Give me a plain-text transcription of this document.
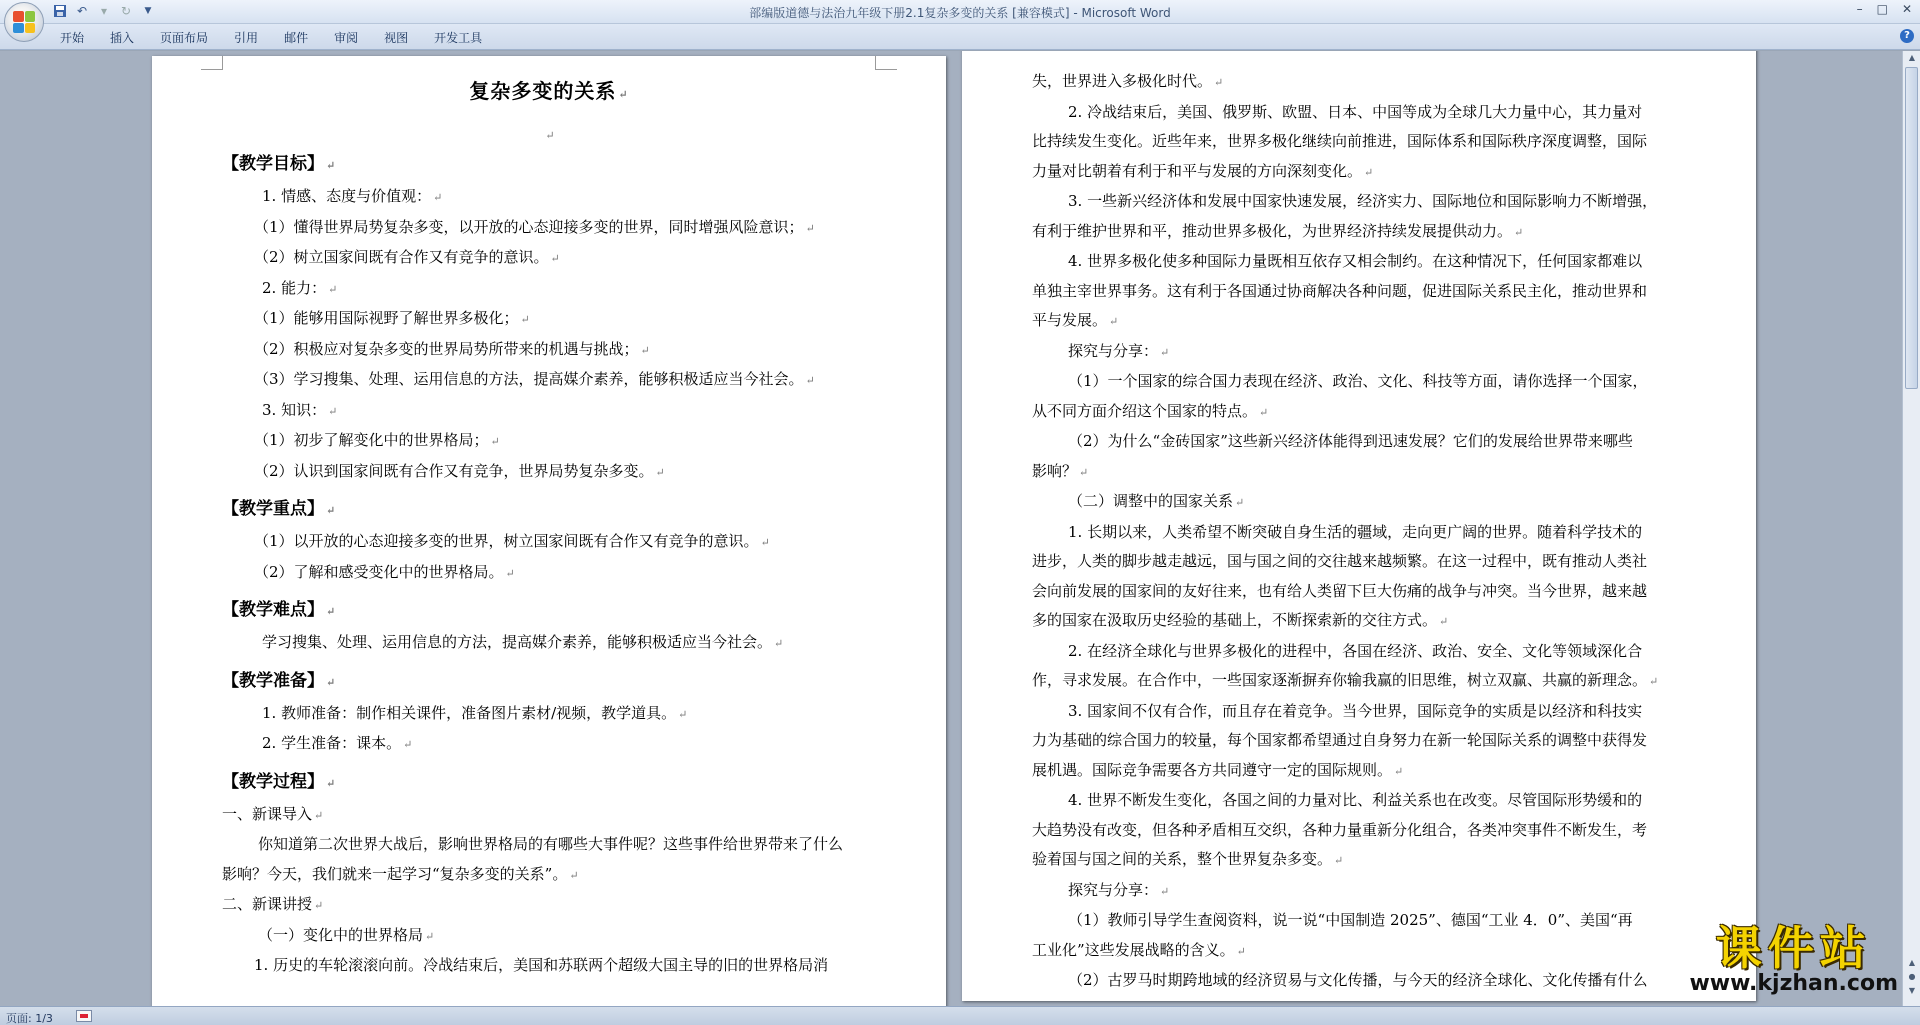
↶	▾	↻	▼	部编版道德与法治九年级下册2.1复杂多变的关系 [兼容模式] - Microsoft Word	– □ ✕
开始	插入	页面布局	引用	邮件	审阅	视图	开发工具	?
复杂多变的关系 ↵
↵
【教学目标】 ↵
1. 情感、态度与价值观： ↵
（1）懂得世界局势复杂多变，以开放的心态迎接多变的世界，同时增强风险意识； ↵
（2）树立国家间既有合作又有竞争的意识。 ↵
2. 能力： ↵
（1）能够用国际视野了解世界多极化； ↵
（2）积极应对复杂多变的世界局势所带来的机遇与挑战； ↵
（3）学习搜集、处理、运用信息的方法，提高媒介素养，能够积极适应当今社会。 ↵
3. 知识： ↵
（1）初步了解变化中的世界格局； ↵
（2）认识到国家间既有合作又有竞争，世界局势复杂多变。 ↵
【教学重点】 ↵
（1）以开放的心态迎接多变的世界，树立国家间既有合作又有竞争的意识。 ↵
（2）了解和感受变化中的世界格局。 ↵
【教学难点】 ↵
学习搜集、处理、运用信息的方法，提高媒介素养，能够积极适应当今社会。 ↵
【教学准备】 ↵
1. 教师准备：制作相关课件，准备图片素材/视频，教学道具。 ↵
2. 学生准备：课本。 ↵
【教学过程】 ↵
一、新课导入 ↵
你知道第二次世界大战后，影响世界格局的有哪些大事件呢？这些事件给世界带来了什么
影响？今天，我们就来一起学习“复杂多变的关系”。 ↵
二、新课讲授 ↵
（一）变化中的世界格局 ↵
1. 历史的车轮滚滚向前。冷战结束后，美国和苏联两个超级大国主导的旧的世界格局消
失，世界进入多极化时代。 ↵
2. 冷战结束后，美国、俄罗斯、欧盟、日本、中国等成为全球几大力量中心，其力量对
比持续发生变化。近些年来，世界多极化继续向前推进，国际体系和国际秩序深度调整，国际
力量对比朝着有利于和平与发展的方向深刻变化。 ↵
3. 一些新兴经济体和发展中国家快速发展，经济实力、国际地位和国际影响力不断增强，
有利于维护世界和平，推动世界多极化，为世界经济持续发展提供动力。 ↵
4. 世界多极化使多种国际力量既相互依存又相会制约。在这种情况下，任何国家都难以
单独主宰世界事务。这有利于各国通过协商解决各种问题，促进国际关系民主化，推动世界和
平与发展。 ↵
探究与分享： ↵
（1）一个国家的综合国力表现在经济、政治、文化、科技等方面，请你选择一个国家，
从不同方面介绍这个国家的特点。 ↵
（2）为什么“金砖国家”这些新兴经济体能得到迅速发展？它们的发展给世界带来哪些
影响？ ↵
（二）调整中的国家关系 ↵
1. 长期以来，人类希望不断突破自身生活的疆域，走向更广阔的世界。随着科学技术的
进步，人类的脚步越走越远，国与国之间的交往越来越频繁。在这一过程中，既有推动人类社
会向前发展的国家间的友好往来，也有给人类留下巨大伤痛的战争与冲突。当今世界，越来越
多的国家在汲取历史经验的基础上，不断探索新的交往方式。 ↵
2. 在经济全球化与世界多极化的进程中，各国在经济、政治、安全、文化等领域深化合
作，寻求发展。在合作中，一些国家逐渐摒弃你输我赢的旧思维，树立双赢、共赢的新理念。 ↵
3. 国家间不仅有合作，而且存在着竞争。当今世界，国际竞争的实质是以经济和科技实
力为基础的综合国力的较量，每个国家都希望通过自身努力在新一轮国际关系的调整中获得发
展机遇。国际竞争需要各方共同遵守一定的国际规则。 ↵
4. 世界不断发生变化，各国之间的力量对比、利益关系也在改变。尽管国际形势缓和的
大趋势没有改变，但各种矛盾相互交织，各种力量重新分化组合，各类冲突事件不断发生，考
验着国与国之间的关系，整个世界复杂多变。 ↵
探究与分享： ↵
（1）教师引导学生查阅资料，说一说“中国制造 2025”、德国“工业 4．0”、美国“再
工业化”这些发展战略的含义。 ↵
（2）古罗马时期跨地域的经济贸易与文化传播，与今天的经济全球化、文化传播有什么
▲
▲
●
▼
课件站
www.kjzhan.com
页面: 1/3
